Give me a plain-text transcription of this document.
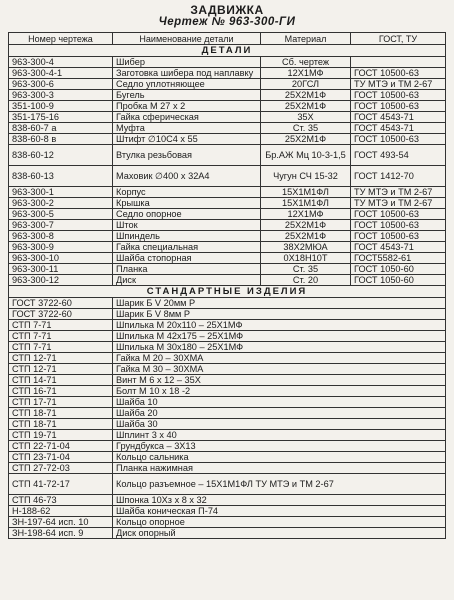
ЗАДВИЖКА
Чертеж № 963-300-ГИ
Номер чертежа	Наименование детали	Материал	ГОСТ, ТУ
ДЕТАЛИ			
963-300-4	Шибер	Сб. чертеж	
963-300-4-1	Заготовка шибера под наплавку	12Х1МФ	ГОСТ 10500-63
963-300-6	Седло уплотняющее	20ГСЛ	ТУ МТЭ и ТМ 2-67
963-300-3	Бугель	25Х2М1Ф	ГОСТ 10500-63
351-100-9	Пробка М 27 х 2	25Х2М1Ф	ГОСТ 10500-63
351-175-16	Гайка сферическая	35Х	ГОСТ 4543-71
838-60-7 а	Муфта	Ст. 35	ГОСТ 4543-71
838-60-8 в	Штифт ∅10С4 х 55	25Х2М1Ф	ГОСТ 10500-63
838-60-12	Втулка резьбовая	Бр.АЖ Мц 10-3-1,5	ГОСТ 493-54
838-60-13	Маховик ∅400 х 32А4	Чугун СЧ 15-32	ГОСТ 1412-70
963-300-1	Корпус	15Х1М1ФЛ	ТУ МТЭ и ТМ 2-67
963-300-2	Крышка	15Х1М1ФЛ	ТУ МТЭ и ТМ 2-67
963-300-5	Седло опорное	12Х1МФ	ГОСТ 10500-63
963-300-7	Шток	25Х2М1Ф	ГОСТ 10500-63
963-300-8	Шпиндель	25Х2М1Ф	ГОСТ 10500-63
963-300-9	Гайка специальная	38Х2МЮА	ГОСТ 4543-71
963-300-10	Шайба стопорная	0Х18Н10Т	ГОСТ5582-61
963-300-11	Планка	Ст. 35	ГОСТ 1050-60
963-300-12	Диск	Ст. 20	ГОСТ 1050-60
СТАНДАРТНЫЕ ИЗДЕЛИЯ			
ГОСТ 3722-60	Шарик Б V 20мм Р		
ГОСТ 3722-60	Шарик Б V 8мм Р		
СТП 7-71	Шпилька М 20х110 – 25Х1МФ		
СТП 7-71	Шпилька М 42х175 – 25Х1МФ		
СТП 7-71	Шпилька М 30х180 – 25Х1МФ		
СТП 12-71	Гайка М 20 – 30ХМА		
СТП 12-71	Гайка М 30 – 30ХМА		
СТП 14-71	Винт М 6 х 12 – 35Х		
СТП 16-71	Болт М 10 х 18 -2		
СТП 17-71	Шайба 10		
СТП 18-71	Шайба 20		
СТП 18-71	Шайба 30		
СТП 19-71	Шплинт 3 х 40		
СТП 22-71-04	Грундбукса – 3Х13		
СТП 23-71-04	Кольцо сальника		
СТП 27-72-03	Планка нажимная		
СТП 41-72-17	Кольцо разъемное – 15Х1М1ФЛ ТУ МТЭ и ТМ 2-67		
СТП 46-73	Шпонка 10Хз х 8 х 32		
Н-188-62	Шайба коническая П-74		
ЗН-197-64 исп. 10	Кольцо опорное		
ЗН-198-64 исп. 9	Диск опорный		
